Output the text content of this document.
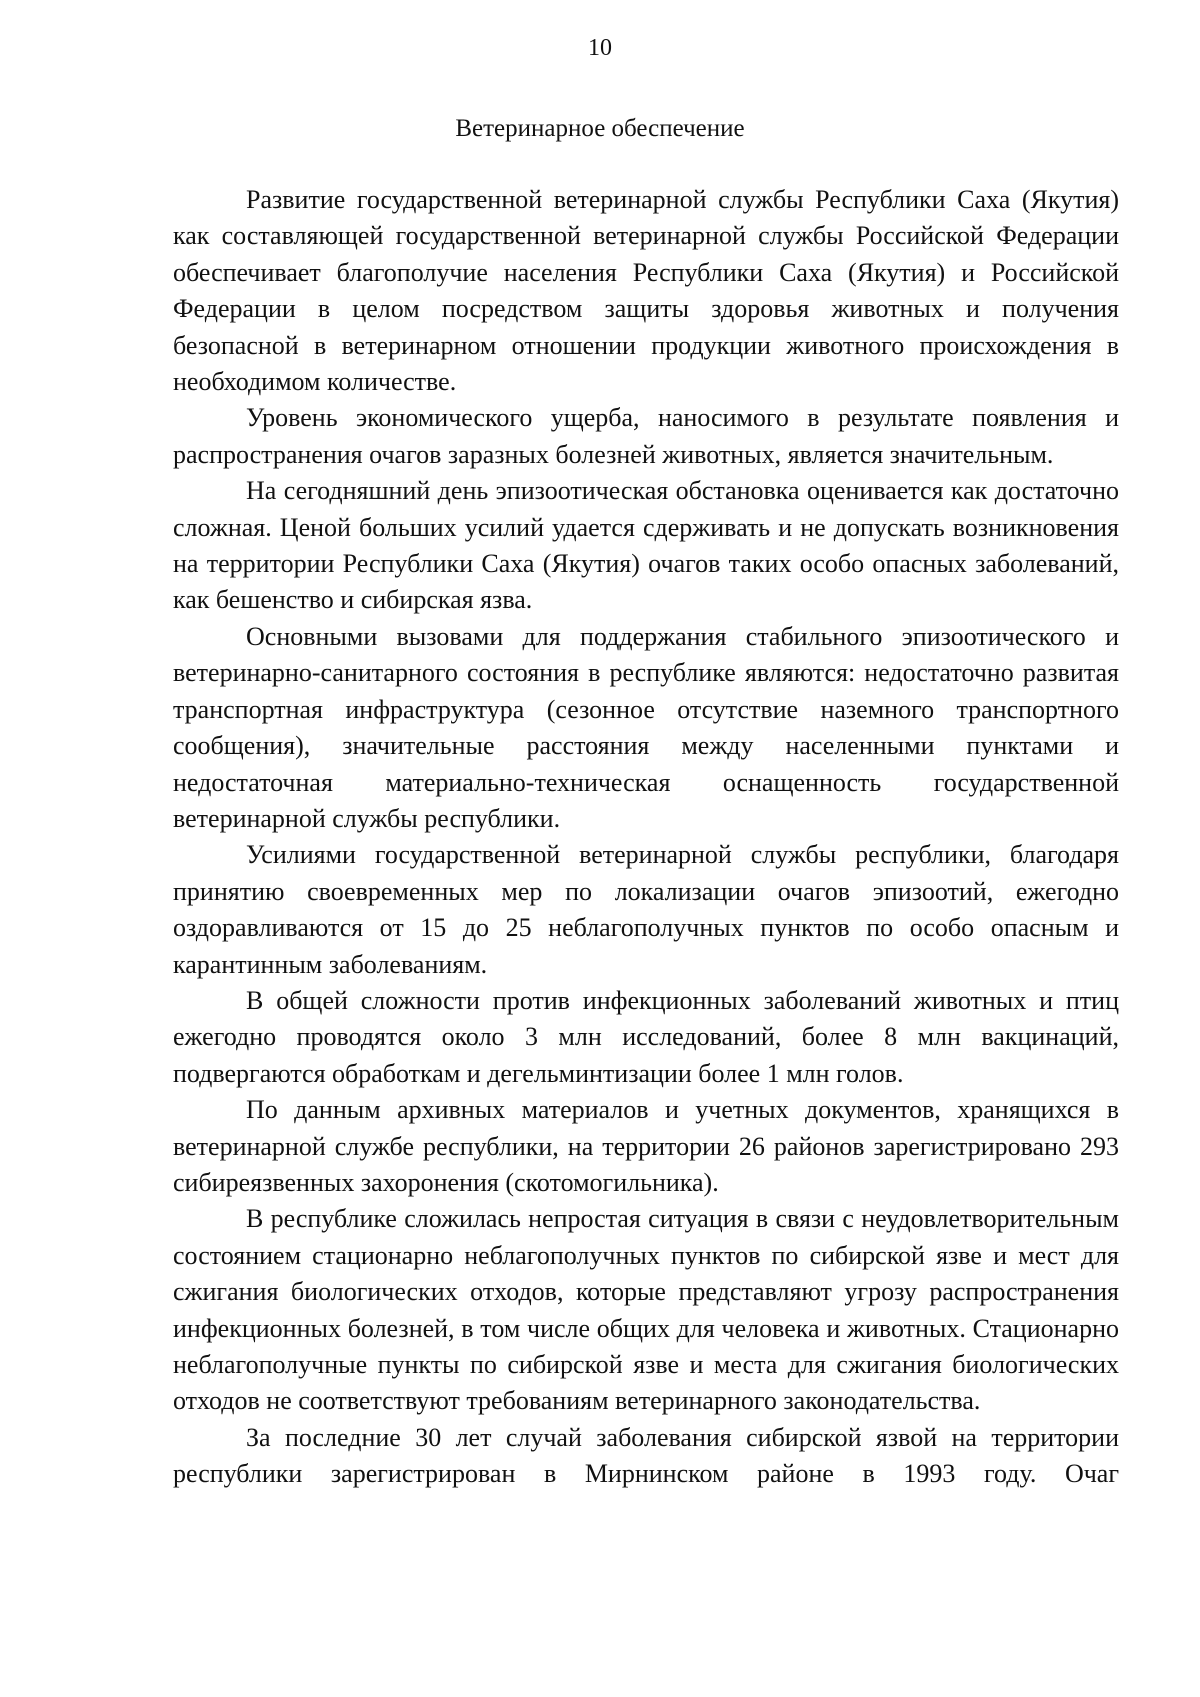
10
Ветеринарное обеспечение

Развитие государственной ветеринарной службы Республики Саха (Якутия) как составляющей государственной ветеринарной службы Российской Федерации обеспечивает благополучие населения Республики Саха (Якутия) и Российской Федерации в целом посредством защиты здоровья животных и получения безопасной в ветеринарном отношении продукции животного происхождения в необходимом количестве.

Уровень экономического ущерба, наносимого в результате появления и распространения очагов заразных болезней животных, является значительным.

На сегодняшний день эпизоотическая обстановка оценивается как достаточно сложная. Ценой больших усилий удается сдерживать и не допускать возникновения на территории Республики Саха (Якутия) очагов таких особо опасных заболеваний, как бешенство и сибирская язва.

Основными вызовами для поддержания стабильного эпизоотического и ветеринарно-санитарного состояния в республике являются: недостаточно развитая транспортная инфраструктура (сезонное отсутствие наземного транспортного сообщения), значительные расстояния между населенными пунктами и недостаточная материально-техническая оснащенность государственной ветеринарной службы республики.

Усилиями государственной ветеринарной службы республики, благодаря принятию своевременных мер по локализации очагов эпизоотий, ежегодно оздоравливаются от 15 до 25 неблагополучных пунктов по особо опасным и карантинным заболеваниям.

В общей сложности против инфекционных заболеваний животных и птиц ежегодно проводятся около 3 млн исследований, более 8 млн вакцинаций, подвергаются обработкам и дегельминтизации более 1 млн голов.

По данным архивных материалов и учетных документов, хранящихся в ветеринарной службе республики, на территории 26 районов зарегистрировано 293 сибиреязвенных захоронения (скотомогильника).

В республике сложилась непростая ситуация в связи с неудовлетворительным состоянием стационарно неблагополучных пунктов по сибирской язве и мест для сжигания биологических отходов, которые представляют угрозу распространения инфекционных болезней, в том числе общих для человека и животных. Стационарно неблагополучные пункты по сибирской язве и места для сжигания биологических отходов не соответствуют требованиям ветеринарного законодательства.

За последние 30 лет случай заболевания сибирской язвой на территории республики зарегистрирован в Мирнинском районе в 1993 году. Очаг
